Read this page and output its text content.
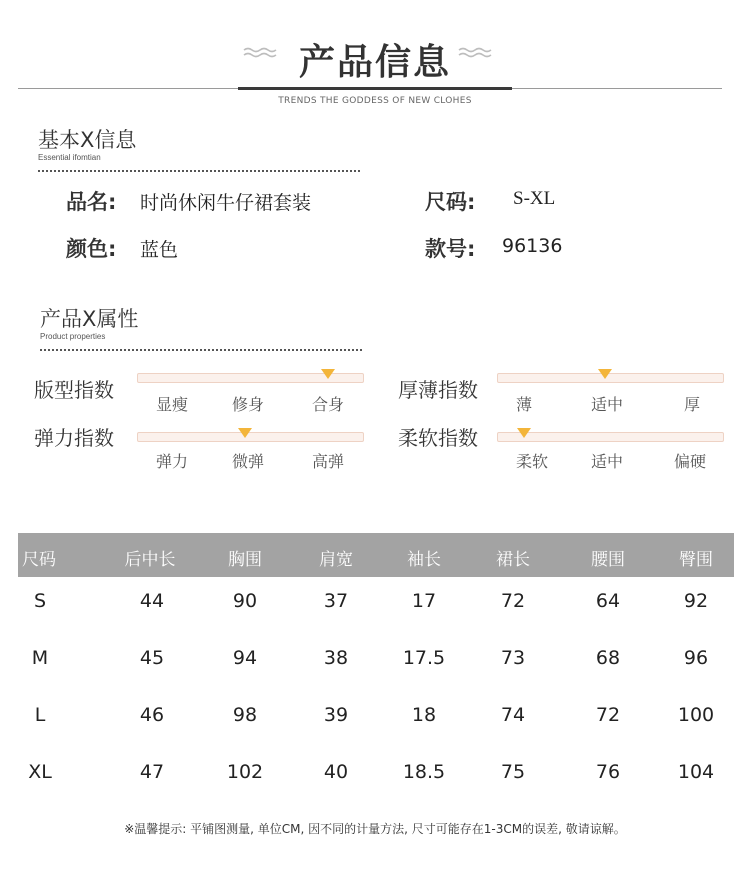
产品信息
TRENDS THE GODDESS OF NEW CLOHES
基本X信息
Essential ifomtian
品名: 时尚休闲牛仔裙套装	尺码: S-XL
颜色: 蓝色	款号: 96136
产品X属性
Product properties
版型指数
显瘦	修身	合身
厚薄指数
薄	适中	厚
弹力指数
弹力	微弹	高弹
柔软指数
柔软	适中	偏硬
尺码	后中长	胸围	肩宽	袖长	裙长	腰围	臀围
S	44	90	37	17	72	64	92
M	45	94	38	17.5	73	68	96
L	46	98	39	18	74	72	100
XL	47	102	40	18.5	75	76	104
※温馨提示: 平铺图测量, 单位CM, 因不同的计量方法, 尺寸可能存在1-3CM的误差, 敬请谅解。
